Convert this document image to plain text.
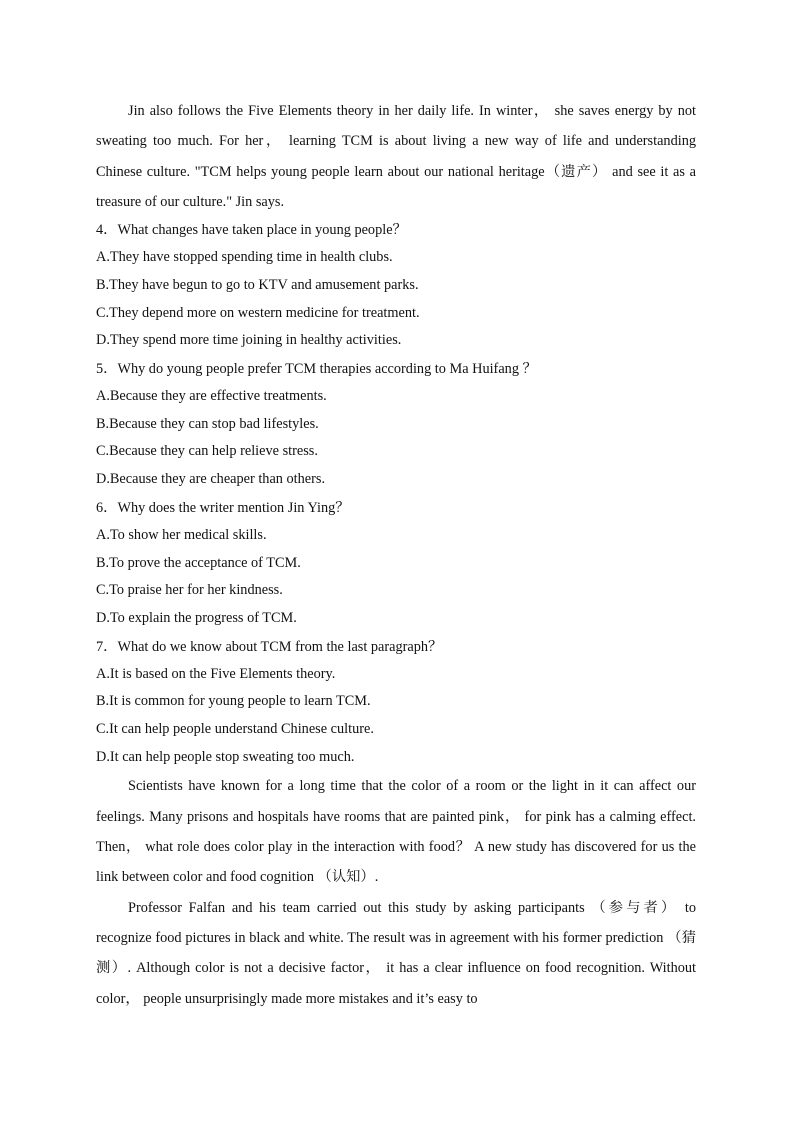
Jin also follows the Five Elements theory in her daily life. In winter， she saves energy by not sweating too much. For her， learning TCM is about living a new way of life and understanding Chinese culture. "TCM helps young people learn about our national heritage（遗产） and see it as a treasure of our culture." Jin says.

4．What changes have taken place in young people？

A.They have stopped spending time in health clubs.

B.They have begun to go to KTV and amusement parks.

C.They depend more on western medicine for treatment.

D.They spend more time joining in healthy activities.

5．Why do young people prefer TCM therapies according to Ma Huifang ？

A.Because they are effective treatments.

B.Because they can stop bad lifestyles.

C.Because they can help relieve stress.

D.Because they are cheaper than others.

6．Why does the writer mention Jin Ying？

A.To show her medical skills.

B.To prove the acceptance of TCM.

C.To praise her for her kindness.

D.To explain the progress of TCM.

7．What do we know about TCM from the last paragraph？

A.It is based on the Five Elements theory.

B.It is common for young people to learn TCM.

C.It can help people understand Chinese culture.

D.It can help people stop sweating too much.

Scientists have known for a long time that the color of a room or the light in it can affect our feelings. Many prisons and hospitals have rooms that are painted pink， for pink has a calming effect. Then， what role does color play in the interaction with food？ A new study has discovered for us the link between color and food cognition （认知）.

Professor Falfan and his team carried out this study by asking participants （参与者） to recognize food pictures in black and white. The result was in agreement with his former prediction （猜测）. Although color is not a decisive factor， it has a clear influence on food recognition. Without color， people unsurprisingly made more mistakes and it’s easy to
